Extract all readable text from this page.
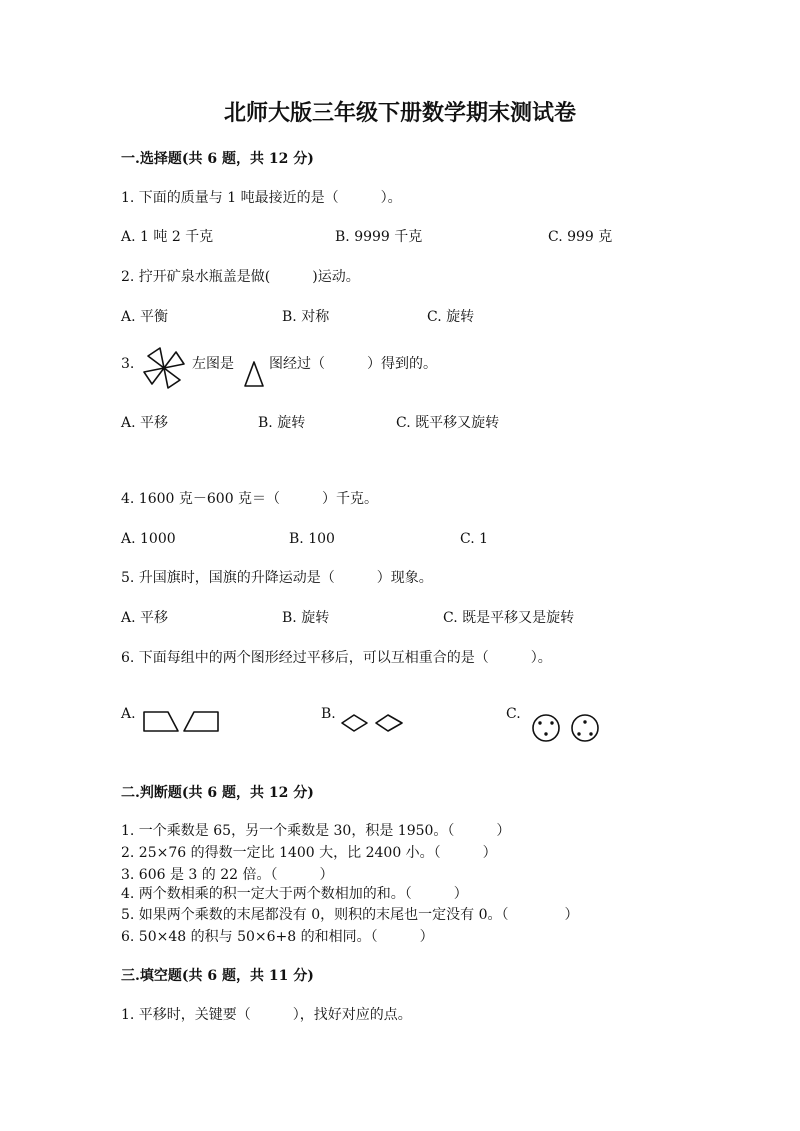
北师大版三年级下册数学期末测试卷
一.选择题(共 6 题，共 12 分)
1. 下面的质量与 1 吨最接近的是（　　　）。
A. 1 吨 2 千克	B. 9999 千克	C. 999 克
2. 拧开矿泉水瓶盖是做(　　　)运动。
A. 平衡	B. 对称	C. 旋转
3.	左图是	图经过（　　　）得到的。
A. 平移	B. 旋转	C. 既平移又旋转
4. 1600 克－600 克＝（　　　）千克。
A. 1000	B. 100	C. 1
5. 升国旗时，国旗的升降运动是（　　　）现象。
A. 平移	B. 旋转	C. 既是平移又是旋转
6. 下面每组中的两个图形经过平移后，可以互相重合的是（　　　）。
A.	B.	C.
二.判断题(共 6 题，共 12 分)
1. 一个乘数是 65，另一个乘数是 30，积是 1950。（　　　）
2. 25×76 的得数一定比 1400 大，比 2400 小。（　　　）
3. 606 是 3 的 22 倍。（　　　）
4. 两个数相乘的积一定大于两个数相加的和。（　　　）
5. 如果两个乘数的末尾都没有 0，则积的末尾也一定没有 0。（　　　　）
6. 50×48 的积与 50×6+8 的和相同。（　　　）
三.填空题(共 6 题，共 11 分)
1. 平移时，关键要（　　　），找好对应的点。
